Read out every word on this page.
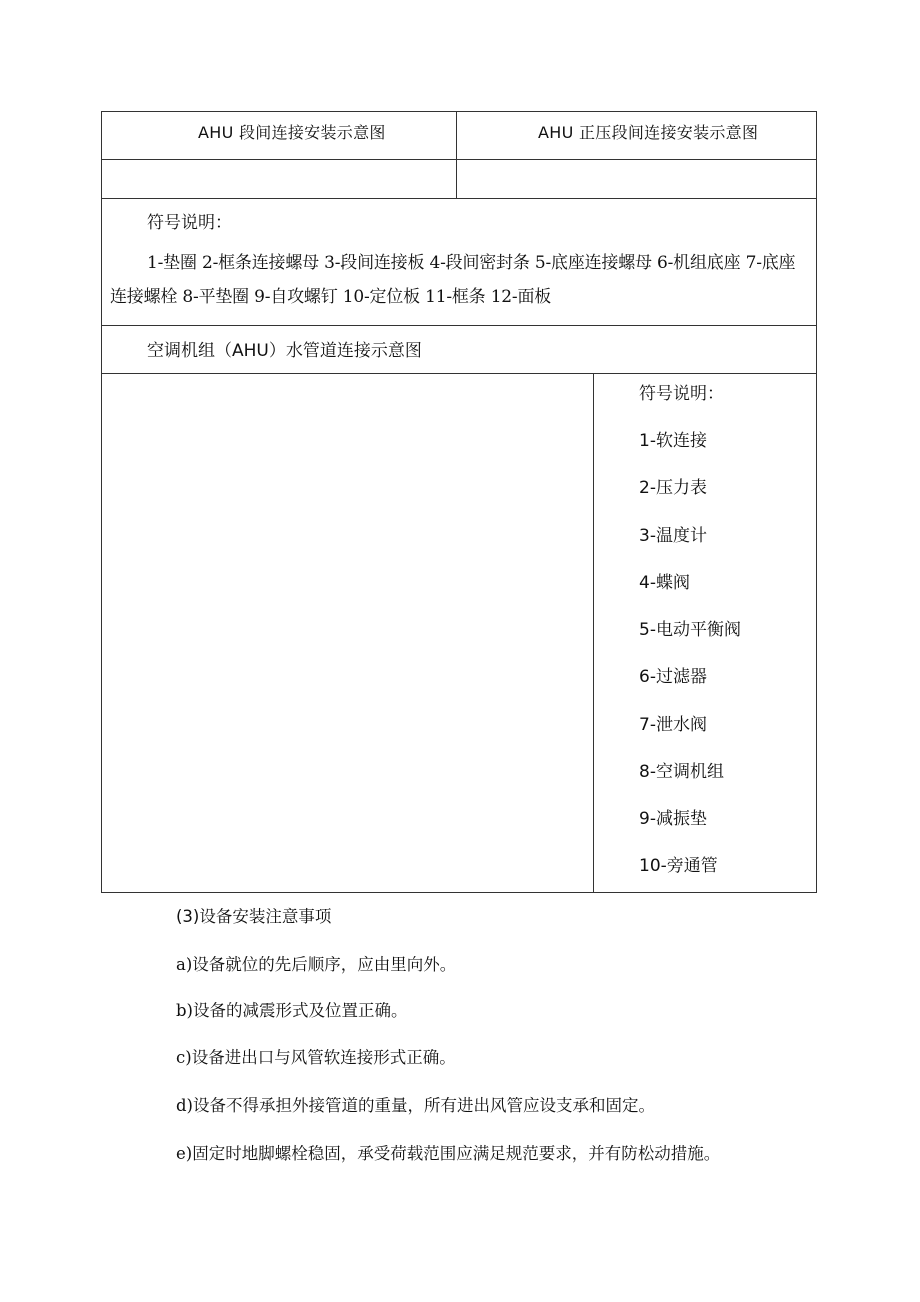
AHU 段间连接安装示意图	AHU 正压段间连接安装示意图
符号说明：
1-垫圈 2-框条连接螺母 3-段间连接板 4-段间密封条 5-底座连接螺母 6-机组底座 7-底座连接螺栓 8-平垫圈 9-自攻螺钉 10-定位板 11-框条 12-面板
空调机组（AHU）水管道连接示意图
符号说明：
1-软连接
2-压力表
3-温度计
4-蝶阀
5-电动平衡阀
6-过滤器
7-泄水阀
8-空调机组
9-减振垫
10-旁通管
(3)设备安装注意事项
a)设备就位的先后顺序，应由里向外。
b)设备的减震形式及位置正确。
c)设备进出口与风管软连接形式正确。
d)设备不得承担外接管道的重量，所有进出风管应设支承和固定。
e)固定时地脚螺栓稳固，承受荷载范围应满足规范要求，并有防松动措施。
